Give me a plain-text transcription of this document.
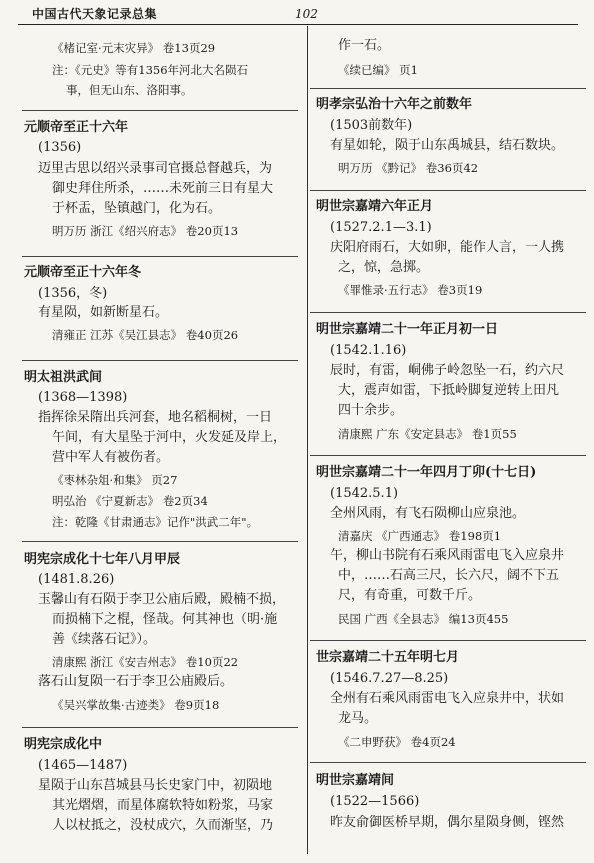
中国古代天象记录总集	102
《楮记室·元末灾异》 卷13页29
注：《元史》等有1356年河北大名陨石
事，但无山东、洛阳事。
元顺帝至正十六年
(1356)
迈里古思以绍兴录事司官摄总督越兵，为
御史拜住所杀，……未死前三日有星大
于杯盂，坠镇越门，化为石。
明万历 浙江《绍兴府志》 卷20页13
元顺帝至正十六年冬
(1356，冬)
有星陨，如新断星石。
清雍正 江苏《吴江县志》 卷40页26
明太祖洪武间
(1368—1398)
指挥徐呆隋出兵河套，地名稻桐树，一日
午间，有大星坠于河中，火发延及岸上，
营中军人有被伤者。
《枣林杂俎·和集》 页27
明弘治 《宁夏新志》 卷2页34
注：乾隆《甘肃通志》记作"洪武二年"。
明宪宗成化十七年八月甲辰
(1481.8.26)
玉馨山有石陨于李卫公庙后殿，殿楠不损，
而损楠下之棍，怪哉。何其神也（明·施
善《续落石记》）。
清康熙 浙江《安吉州志》 卷10页22
落石山复陨一石于李卫公庙殿后。
《吴兴掌故集·古迹类》 卷9页18
明宪宗成化中
(1465—1487)
星陨于山东莒城县马长史家门中，初陨地
其光熠熠，而星体腐软特如粉浆，马家
人以杖抵之，没杖成穴，久而渐坚，乃
作一石。
《续已编》 页1
明孝宗弘治十六年之前数年
(1503前数年)
有星如轮，陨于山东禹城县，结石数块。
明万历 《黔记》 卷36页42
明世宗嘉靖六年正月
(1527.2.1—3.1)
庆阳府雨石，大如卵，能作人言，一人携
之，惊，急掷。
《罪惟录·五行志》 卷3页19
明世宗嘉靖二十一年正月初一日
(1542.1.16)
辰时，有雷，峒佛子岭忽坠一石，约六尺
大，震声如雷，下抵岭脚复逆转上田凡
四十余步。
清康熙 广东《安定县志》 卷1页55
明世宗嘉靖二十一年四月丁卯(十七日)
(1542.5.1)
全州风雨，有飞石陨柳山应泉池。
清嘉庆 《广西通志》 卷198页1
午，柳山书院有石乘风雨雷电飞入应泉井
中，……石高三尺，长六尺，阔不下五
尺，有奇重，可数千斤。
民国 广西《全县志》 编13页455
世宗嘉靖二十五年明七月
(1546.7.27—8.25)
全州有石乘风雨雷电飞入应泉井中，状如
龙马。
《二申野获》 卷4页24
明世宗嘉靖间
(1522—1566)
昨友俞御医桥早期，偶尔星陨身侧，铿然
